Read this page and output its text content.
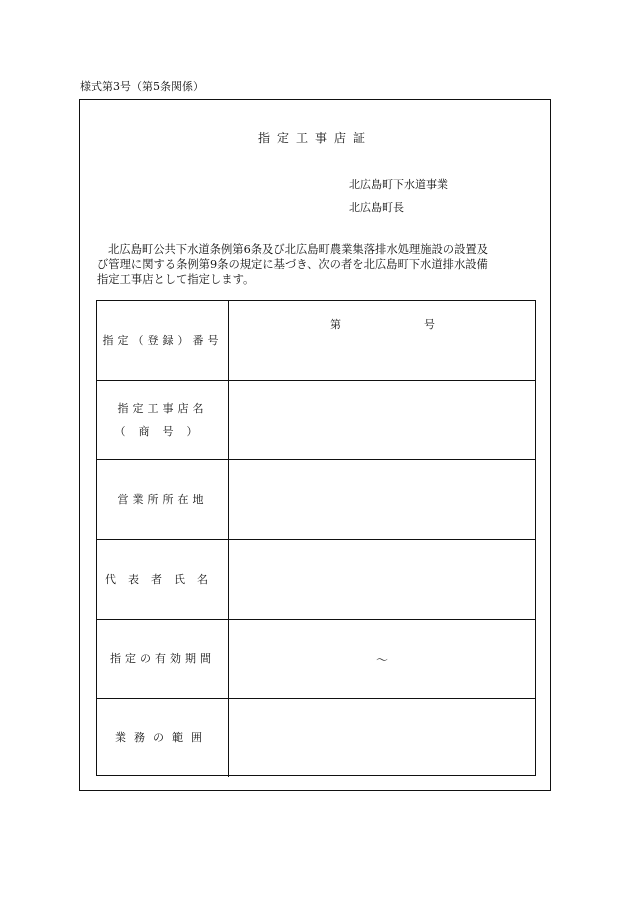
様式第3号（第5条関係）
指定工事店証
北広島町下水道事業
北広島町長
北広島町公共下水道条例第6条及び北広島町農業集落排水処理施設の設置及
び管理に関する条例第9条の規定に基づき、次の者を北広島町下水道排水設備
指定工事店として指定します。
指定（登録）番号
第	号
指定工事店名
（商号）
営業所所在地
代表者氏名
指定の有効期間	～
業務の範囲
